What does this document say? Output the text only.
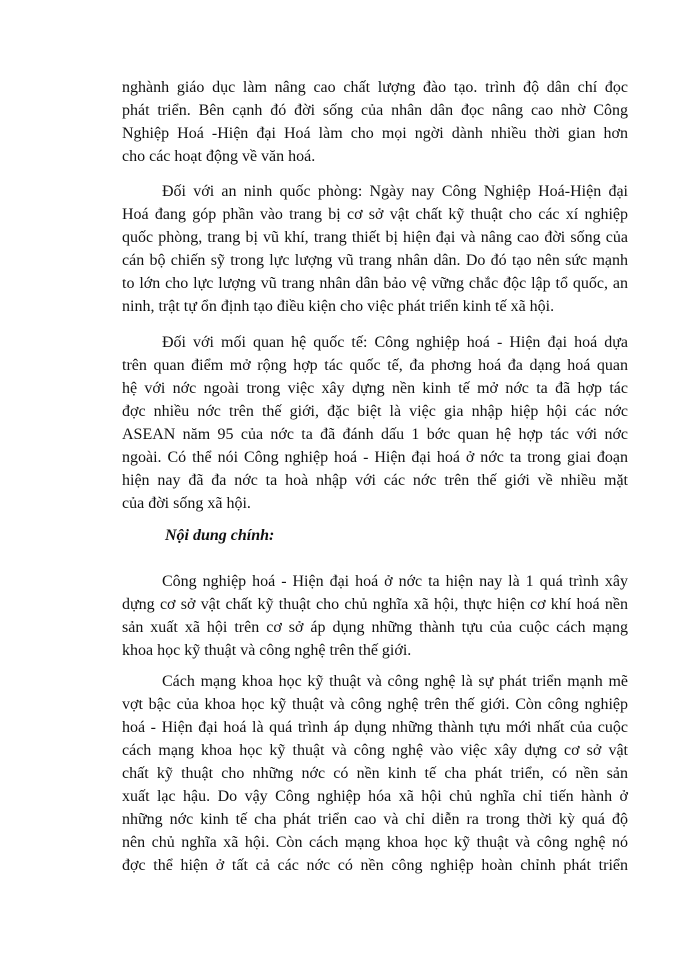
nghành giáo dục làm nâng cao chất lượng đào tạo. trình độ dân chí đọc
phát triển. Bên cạnh đó đời sống của nhân dân đọc nâng cao nhờ Công
Nghiệp Hoá -Hiện đại Hoá làm cho mọi ngời dành nhiều thời gian hơn
cho các hoạt động về văn hoá.
Đối với an ninh quốc phòng: Ngày nay Công Nghiệp Hoá-Hiện đại
Hoá đang góp phần vào trang bị cơ sở vật chất kỹ thuật cho các xí nghiệp
quốc phòng, trang bị vũ khí, trang thiết bị hiện đại và nâng cao đời sống của
cán bộ chiến sỹ trong lực lượng vũ trang nhân dân. Do đó tạo nên sức mạnh
to lớn cho lực lượng vũ trang nhân dân bảo vệ vững chắc độc lập tổ quốc, an
ninh, trật tự ổn định tạo điều kiện cho việc phát triển kinh tế xã hội.
Đối với mối quan hệ quốc tế: Công nghiệp hoá - Hiện đại hoá dựa
trên quan điểm mở rộng hợp tác quốc tế, đa phơng hoá đa dạng hoá quan
hệ với nớc ngoài trong việc xây dựng nền kinh tế mở nớc ta đã hợp tác
đợc nhiều nớc trên thế giới, đặc biệt là việc gia nhập hiệp hội các nớc
ASEAN năm 95 của nớc ta đã đánh dấu 1 bớc quan hệ hợp tác với nớc
ngoài. Có thể nói Công nghiệp hoá - Hiện đại hoá ở nớc ta trong giai đoạn
hiện nay đã đa nớc ta hoà nhập với các nớc trên thế giới về nhiều mặt
của đời sống xã hội.
Nội dung chính:
Công nghiệp hoá - Hiện đại hoá ở nớc ta hiện nay là 1 quá trình xây
dựng cơ sở vật chất kỹ thuật cho chủ nghĩa xã hội, thực hiện cơ khí hoá nền
sản xuất xã hội trên cơ sở áp dụng những thành tựu của cuộc cách mạng
khoa học kỹ thuật và công nghệ trên thế giới.
Cách mạng khoa học kỹ thuật và công nghệ là sự phát triển mạnh mẽ
vợt bậc của khoa học kỹ thuật và công nghệ trên thế giới. Còn công nghiệp
hoá - Hiện đại hoá là quá trình áp dụng những thành tựu mới nhất của cuộc
cách mạng khoa học kỹ thuật và công nghệ vào việc xây dựng cơ sở vật
chất kỹ thuật cho những nớc có nền kinh tế cha phát triển, có nền sản
xuất lạc hậu. Do vậy Công nghiệp hóa xã hội chủ nghĩa chỉ tiến hành ở
những nớc kinh tế cha phát triển cao và chỉ diễn ra trong thời kỳ quá độ
nên chủ nghĩa xã hội. Còn cách mạng khoa học kỹ thuật và công nghệ nó
đợc thể hiện ở tất cả các nớc có nền công nghiệp hoàn chỉnh phát triển
